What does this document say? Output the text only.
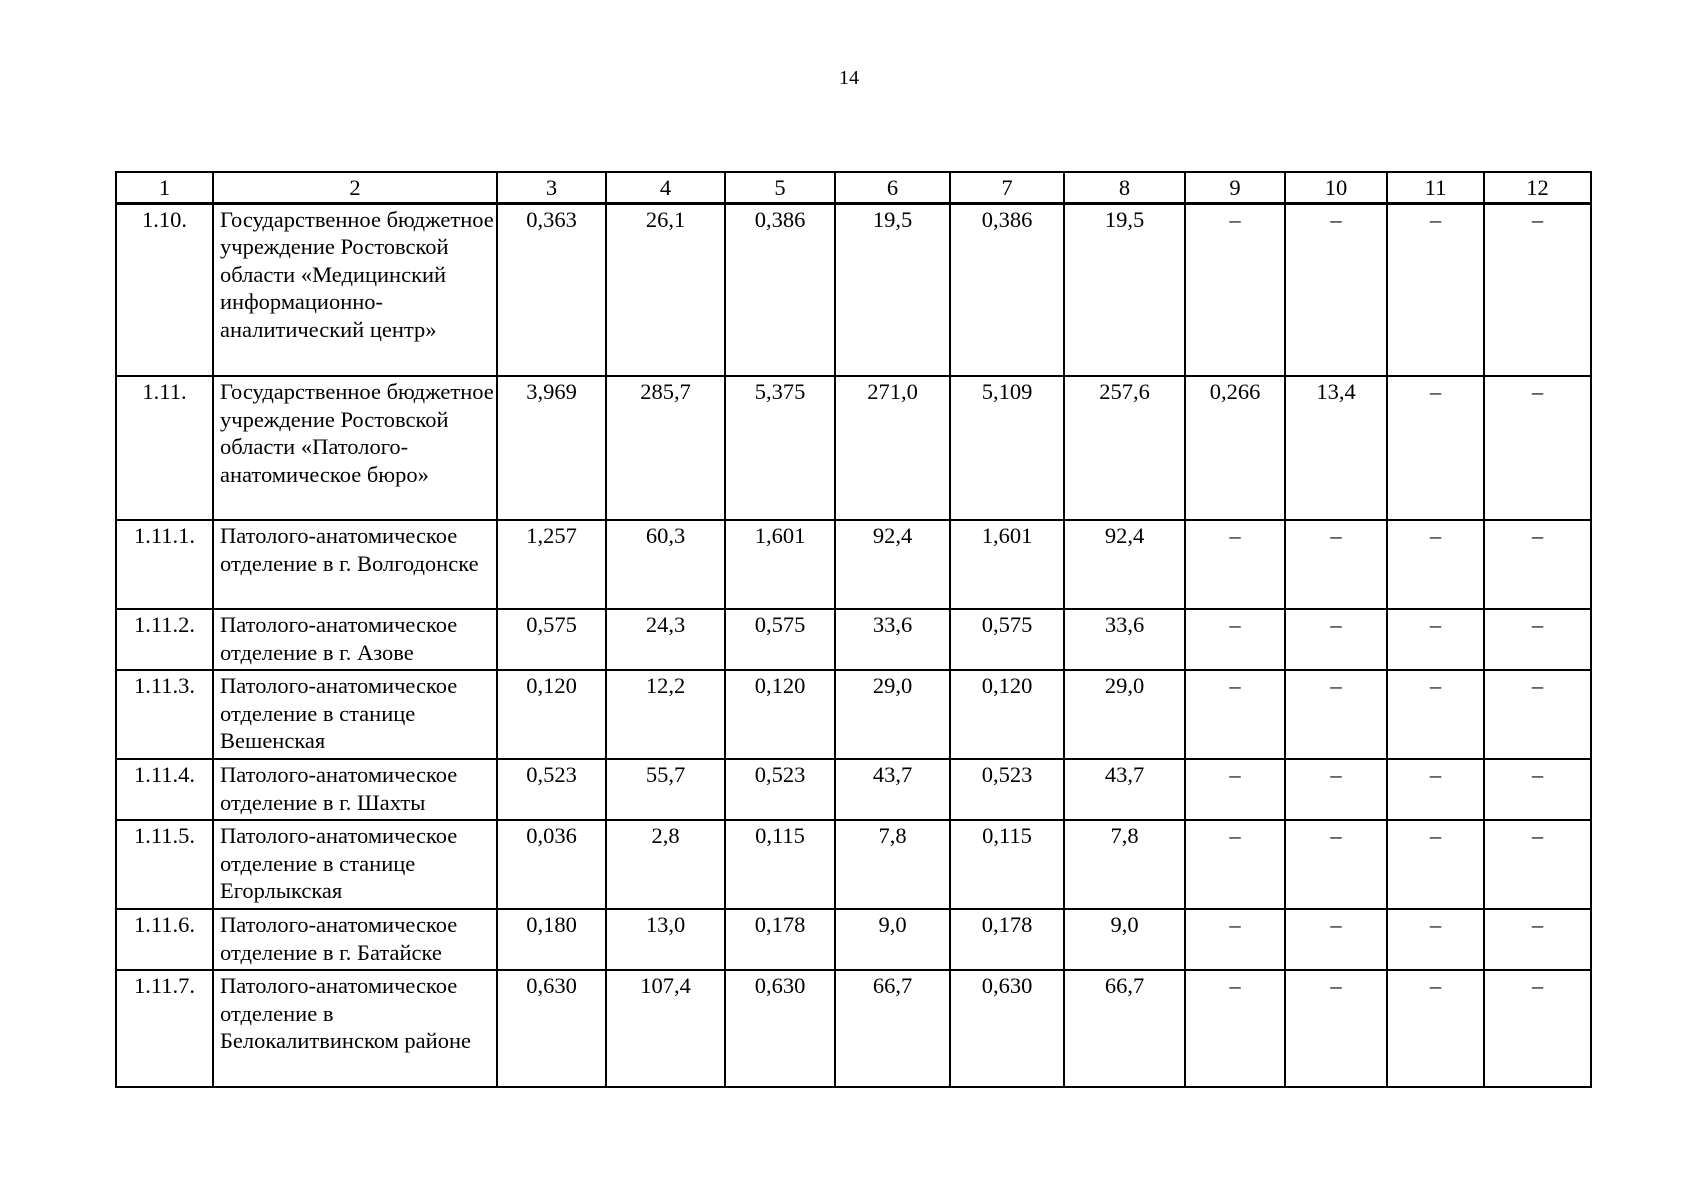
14
1	2	3	4	5	6	7	8	9	10	11	12
1.10.	Государственное бюджетное учреждение Ростовской области «Медицинский информационно-аналитический центр»	0,363	26,1	0,386	19,5	0,386	19,5	–	–	–	–
1.11.	Государственное бюджетное учреждение Ростовской области «Патолого-анатомическое бюро»	3,969	285,7	5,375	271,0	5,109	257,6	0,266	13,4	–	–
1.11.1.	Патолого-анатомическое отделение в г. Волгодонске	1,257	60,3	1,601	92,4	1,601	92,4	–	–	–	–
1.11.2.	Патолого-анатомическое отделение в г. Азове	0,575	24,3	0,575	33,6	0,575	33,6	–	–	–	–
1.11.3.	Патолого-анатомическое отделение в станице Вешенская	0,120	12,2	0,120	29,0	0,120	29,0	–	–	–	–
1.11.4.	Патолого-анатомическое отделение в г. Шахты	0,523	55,7	0,523	43,7	0,523	43,7	–	–	–	–
1.11.5.	Патолого-анатомическое отделение в станице Егорлыкская	0,036	2,8	0,115	7,8	0,115	7,8	–	–	–	–
1.11.6.	Патолого-анатомическое отделение в г. Батайске	0,180	13,0	0,178	9,0	0,178	9,0	–	–	–	–
1.11.7.	Патолого-анатомическое отделение в Белокалитвинском районе	0,630	107,4	0,630	66,7	0,630	66,7	–	–	–	–
